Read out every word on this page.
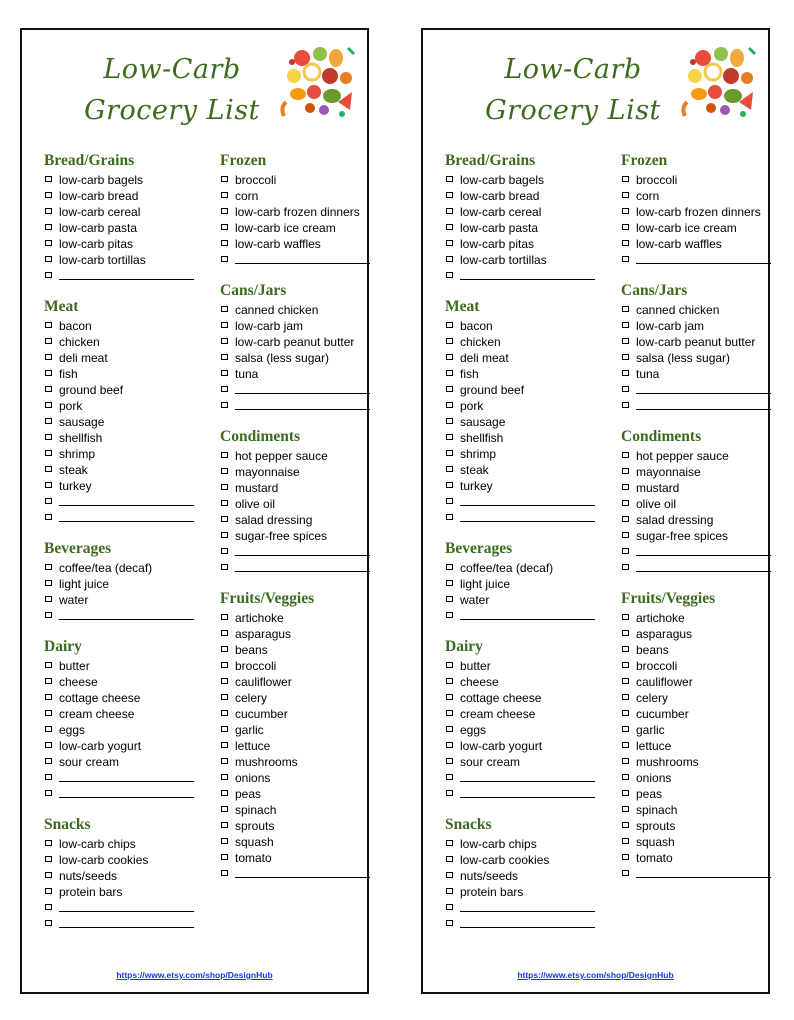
Low-Carb
Grocery List
Bread/Grains
low-carb bagels
low-carb bread
low-carb cereal
low-carb pasta
low-carb pitas
low-carb tortillas
Meat
bacon
chicken
deli meat
fish
ground beef
pork
sausage
shellfish
shrimp
steak
turkey
Beverages
coffee/tea (decaf)
light juice
water
Dairy
butter
cheese
cottage cheese
cream cheese
eggs
low-carb yogurt
sour cream
Snacks
low-carb chips
low-carb cookies
nuts/seeds
protein bars
Frozen
broccoli
corn
low-carb frozen dinners
low-carb ice cream
low-carb waffles
Cans/Jars
canned chicken
low-carb jam
low-carb peanut butter
salsa (less sugar)
tuna
Condiments
hot pepper sauce
mayonnaise
mustard
olive oil
salad dressing
sugar-free spices
Fruits/Veggies
artichoke
asparagus
beans
broccoli
cauliflower
celery
cucumber
garlic
lettuce
mushrooms
onions
peas
spinach
sprouts
squash
tomato
https://www.etsy.com/shop/DesignHub
Low-Carb
Grocery List
Bread/Grains
low-carb bagels
low-carb bread
low-carb cereal
low-carb pasta
low-carb pitas
low-carb tortillas
Meat
bacon
chicken
deli meat
fish
ground beef
pork
sausage
shellfish
shrimp
steak
turkey
Beverages
coffee/tea (decaf)
light juice
water
Dairy
butter
cheese
cottage cheese
cream cheese
eggs
low-carb yogurt
sour cream
Snacks
low-carb chips
low-carb cookies
nuts/seeds
protein bars
Frozen
broccoli
corn
low-carb frozen dinners
low-carb ice cream
low-carb waffles
Cans/Jars
canned chicken
low-carb jam
low-carb peanut butter
salsa (less sugar)
tuna
Condiments
hot pepper sauce
mayonnaise
mustard
olive oil
salad dressing
sugar-free spices
Fruits/Veggies
artichoke
asparagus
beans
broccoli
cauliflower
celery
cucumber
garlic
lettuce
mushrooms
onions
peas
spinach
sprouts
squash
tomato
https://www.etsy.com/shop/DesignHub
